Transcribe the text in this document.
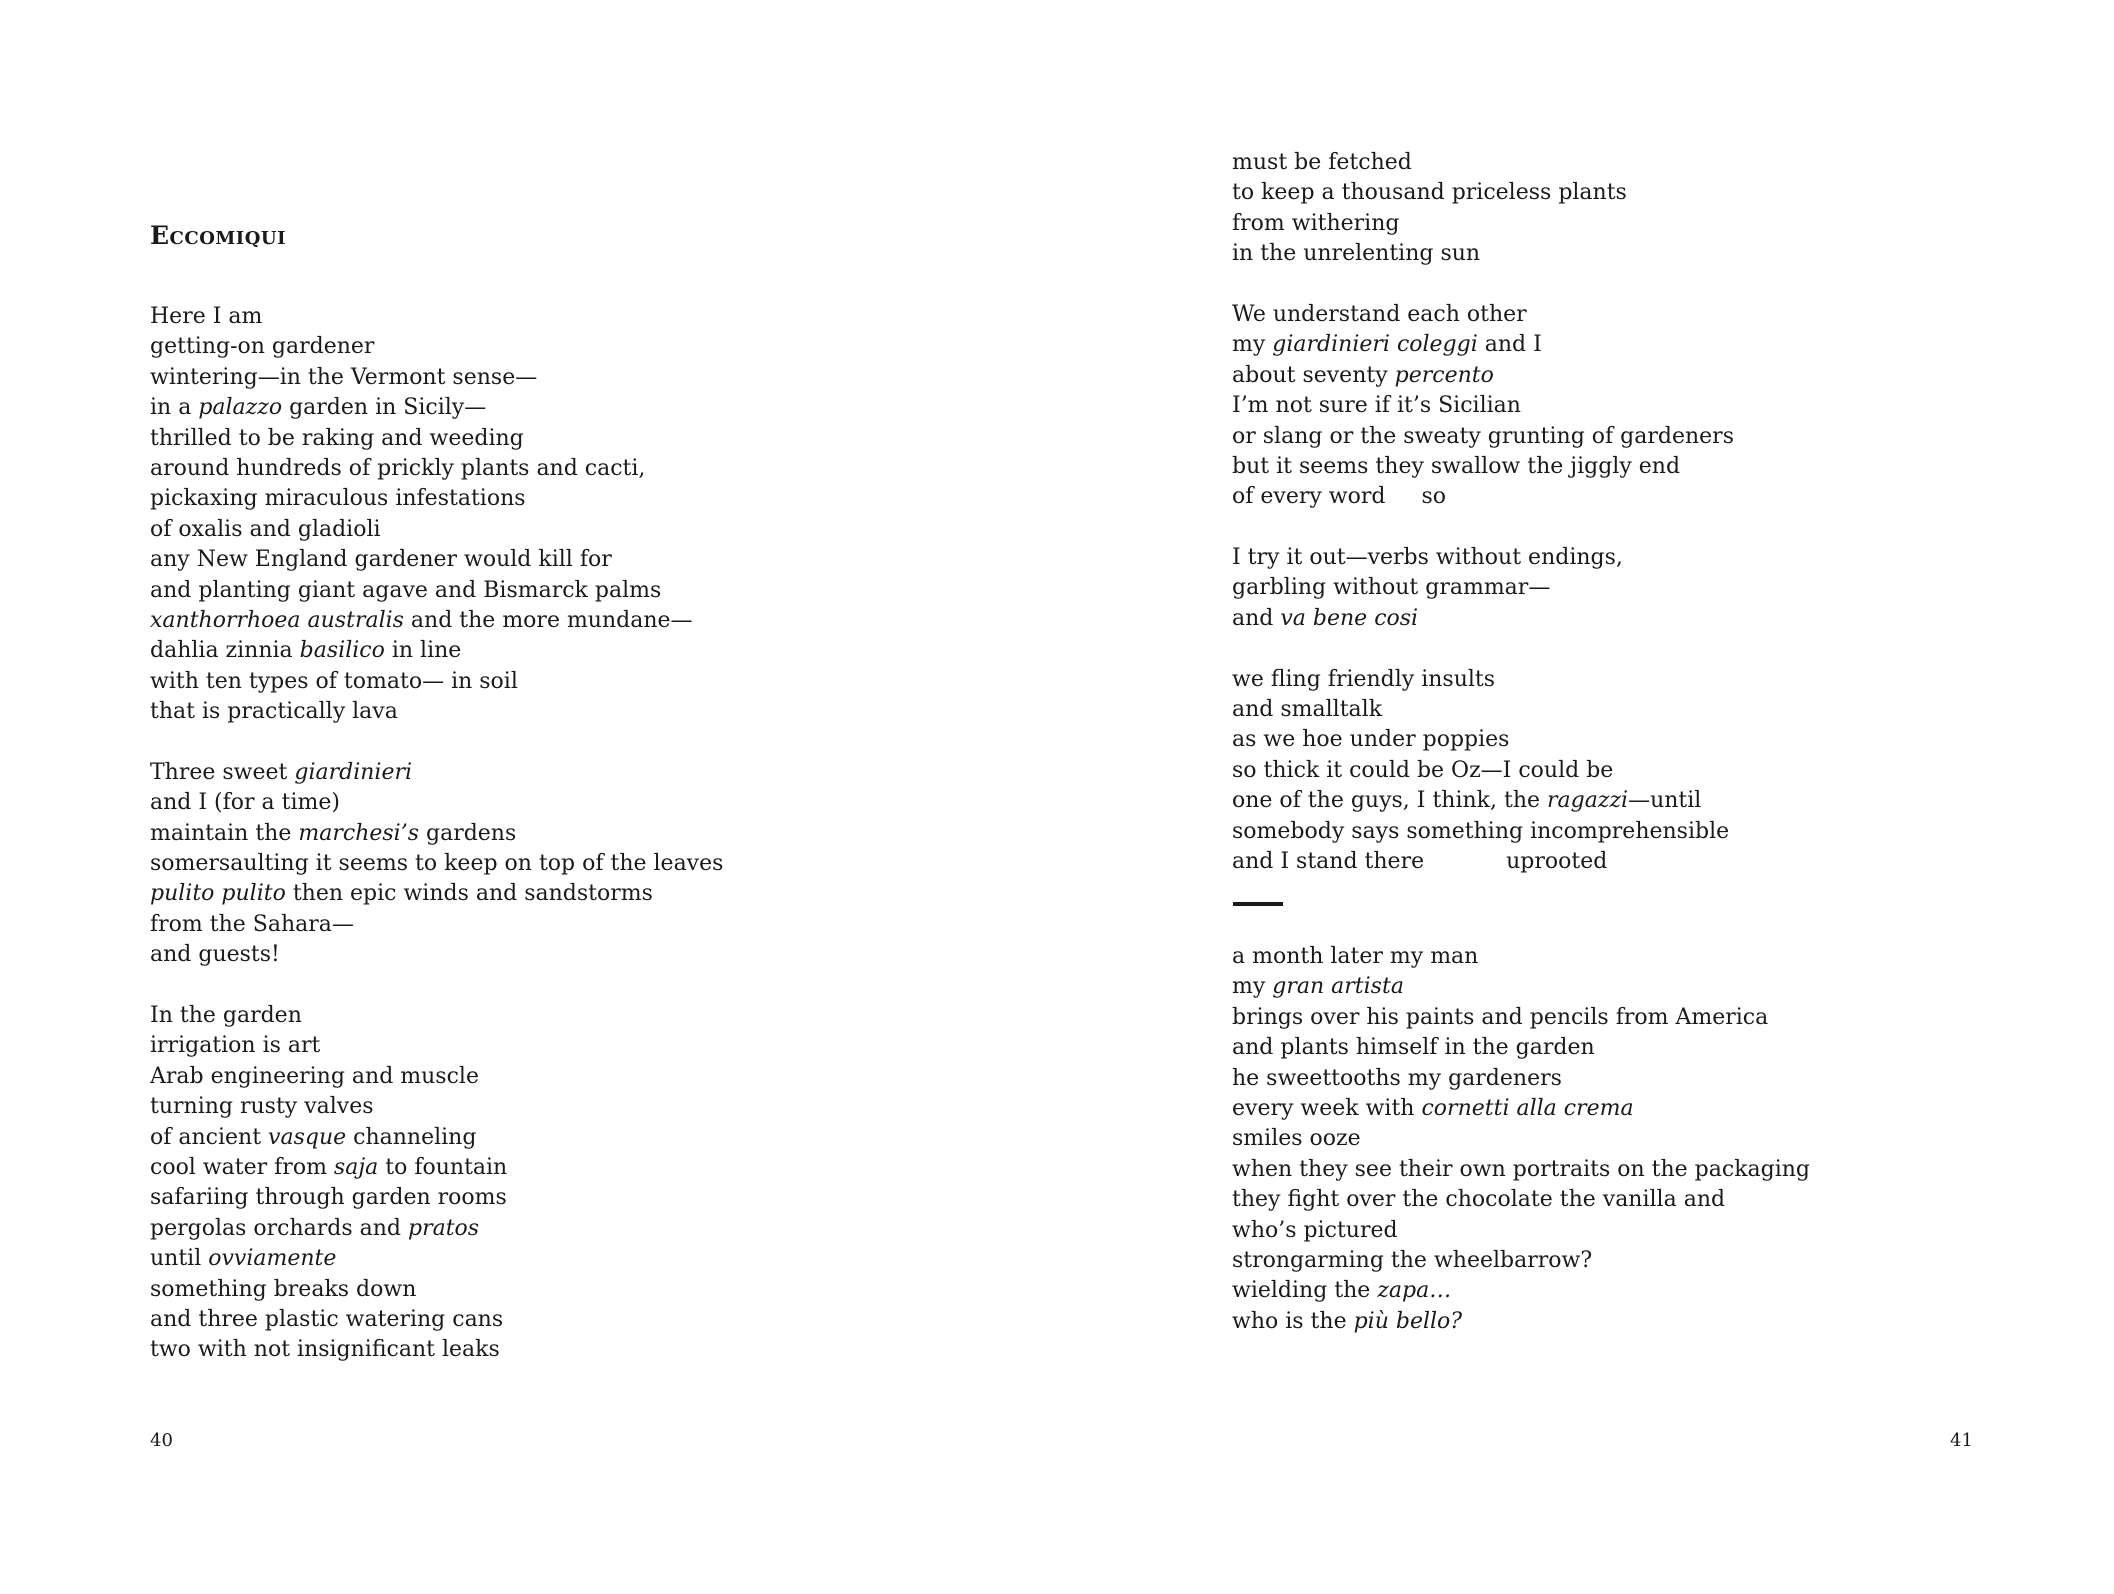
Eccomiqui
Here I am
getting-on gardener
wintering—in the Vermont sense—
in a palazzo garden in Sicily—
thrilled to be raking and weeding
around hundreds of prickly plants and cacti,
pickaxing miraculous infestations
of oxalis and gladioli
any New England gardener would kill for
and planting giant agave and Bismarck palms
xanthorrhoea australis and the more mundane—
dahlia zinnia basilico in line
with ten types of tomato— in soil
that is practically lava
Three sweet giardinieri
and I (for a time)
maintain the marchesi’s gardens
somersaulting it seems to keep on top of the leaves
pulito pulito then epic winds and sandstorms
from the Sahara—
and guests!
In the garden
irrigation is art
Arab engineering and muscle
turning rusty valves
of ancient vasque channeling
cool water from saja to fountain
safariing through garden rooms
pergolas orchards and pratos
until ovviamente
something breaks down
and three plastic watering cans
two with not insignificant leaks

40

must be fetched
to keep a thousand priceless plants
from withering
in the unrelenting sun
We understand each other
my giardinieri coleggi and I
about seventy percento
I’m not sure if it’s Sicilian
or slang or the sweaty grunting of gardeners
but it seems they swallow the jiggly end
of every word so
I try it out—verbs without endings,
garbling without grammar—
and va bene cosi
we fling friendly insults
and smalltalk
as we hoe under poppies
so thick it could be Oz—I could be
one of the guys, I think, the ragazzi—until
somebody says something incomprehensible
and I stand there	uprooted
a month later my man
my gran artista
brings over his paints and pencils from America
and plants himself in the garden
he sweettooths my gardeners
every week with cornetti alla crema
smiles ooze
when they see their own portraits on the packaging
they fight over the chocolate the vanilla and
who’s pictured
strongarming the wheelbarrow?
wielding the zapa…
who is the più bello?

41
